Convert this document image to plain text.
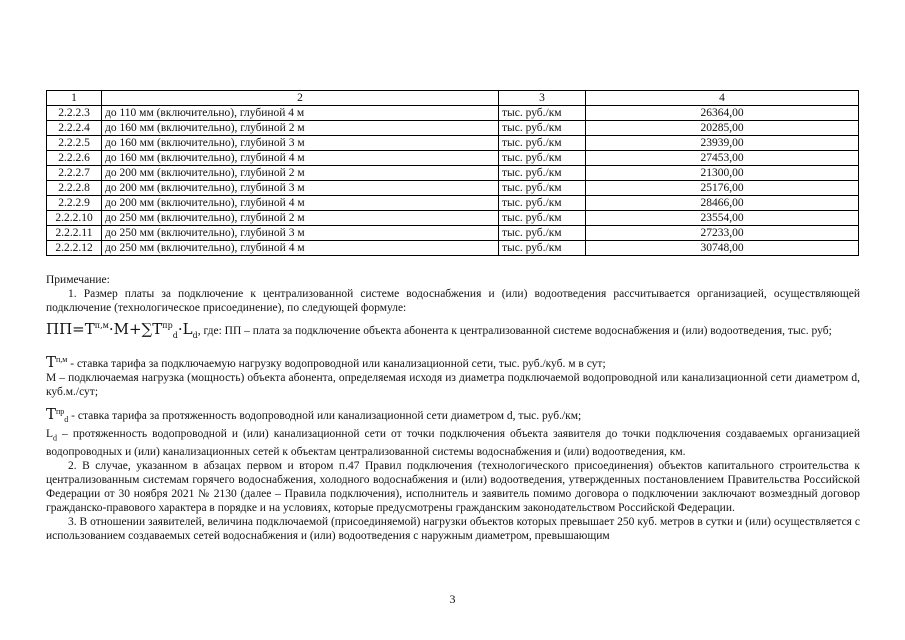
1	2	3	4
2.2.2.3	до 110 мм (включительно), глубиной 4 м	тыс. руб./км	26364,00
2.2.2.4	до 160 мм (включительно), глубиной 2 м	тыс. руб./км	20285,00
2.2.2.5	до 160 мм (включительно), глубиной 3 м	тыс. руб./км	23939,00
2.2.2.6	до 160 мм (включительно), глубиной 4 м	тыс. руб./км	27453,00
2.2.2.7	до 200 мм (включительно), глубиной 2 м	тыс. руб./км	21300,00
2.2.2.8	до 200 мм (включительно), глубиной 3 м	тыс. руб./км	25176,00
2.2.2.9	до 200 мм (включительно), глубиной 4 м	тыс. руб./км	28466,00
2.2.2.10	до 250 мм (включительно), глубиной 2 м	тыс. руб./км	23554,00
2.2.2.11	до 250 мм (включительно), глубиной 3 м	тыс. руб./км	27233,00
2.2.2.12	до 250 мм (включительно), глубиной 4 м	тыс. руб./км	30748,00

Примечание:

1. Размер платы за подключение к централизованной системе водоснабжения и (или) водоотведения рассчитывается организацией, осуществляющей подключение (технологическое присоединение), по следующей формуле:

$ПП=Т^{п,м}\cdot М+\sum Т^{пр}_d\cdot L_d$, где: ПП – плата за подключение объекта абонента к централизованной системе водоснабжения и (или) водоотведения, тыс. руб;

$Т^{п,м}$ - ставка тарифа за подключаемую нагрузку водопроводной или канализационной сети, тыс. руб./куб. м в сут;

М – подключаемая нагрузка (мощность) объекта абонента, определяемая исходя из диаметра подключаемой водопроводной или канализационной сети диаметром d, куб.м./сут;

$Т^{пр}_d$ - ставка тарифа за протяженность водопроводной или канализационной сети диаметром d, тыс. руб./км;

$L_d$ – протяженность водопроводной и (или) канализационной сети от точки подключения объекта заявителя до точки подключения создаваемых организацией водопроводных и (или) канализационных сетей к объектам централизованной системы водоснабжения и (или) водоотведения, км.

2. В случае, указанном в абзацах первом и втором п.47 Правил подключения (технологического присоединения) объектов капитального строительства к централизованным системам горячего водоснабжения, холодного водоснабжения и (или) водоотведения, утвержденных постановлением Правительства Российской Федерации от 30 ноября 2021 № 2130 (далее – Правила подключения), исполнитель и заявитель помимо договора о подключении заключают возмездный договор гражданско-правового характера в порядке и на условиях, которые предусмотрены гражданским законодательством Российской Федерации.

3. В отношении заявителей, величина подключаемой (присоединяемой) нагрузки объектов которых превышает 250 куб. метров в сутки и (или) осуществляется с использованием создаваемых сетей водоснабжения и (или) водоотведения с наружным диаметром, превышающим

3
